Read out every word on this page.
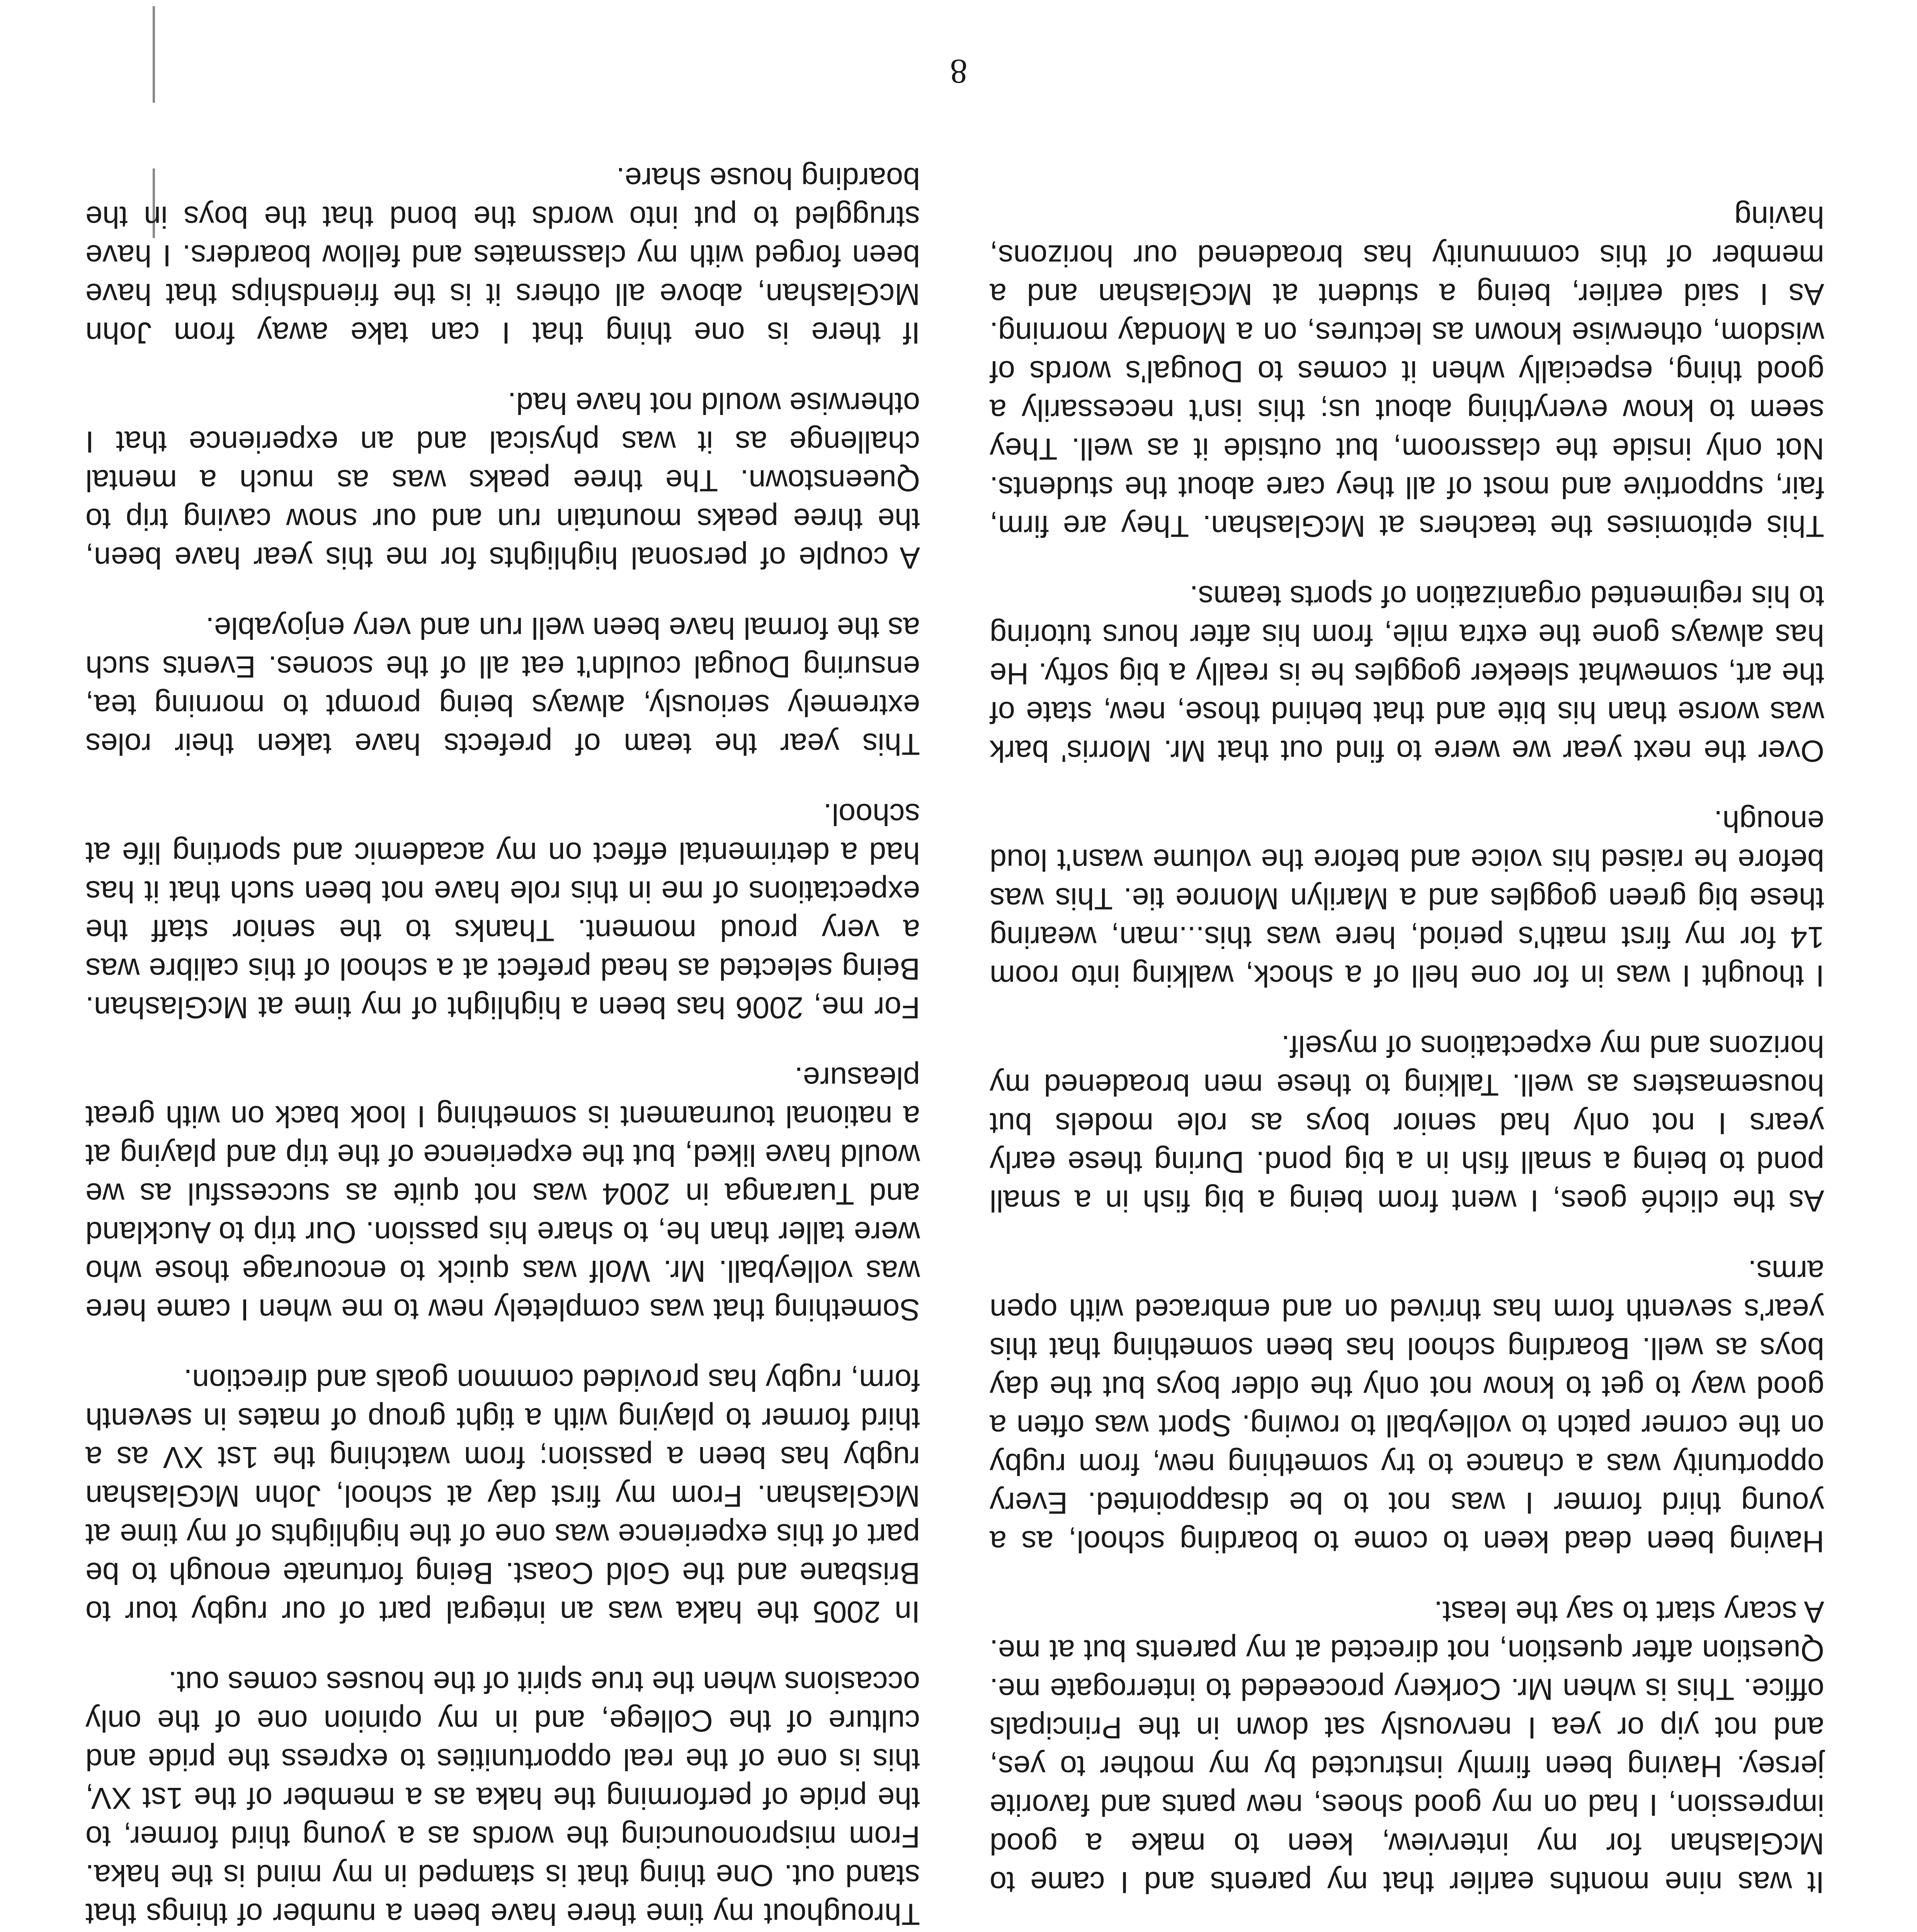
It was nine months earlier that my parents and I came to McGlashan for my interview, keen to make a good impression, I had on my good shoes, new pants and favorite jersey. Having been firmly instructed by my mother to yes, and not yip or yea I nervously sat down in the Principals office. This is when Mr. Corkery proceeded to interrogate me. Question after question, not directed at my parents but at me. A scary start to say the least.

Having been dead keen to come to boarding school, as a young third former I was not to be disappointed. Every opportunity was a chance to try something new, from rugby on the corner patch to volleyball to rowing. Sport was often a good way to get to know not only the older boys but the day boys as well. Boarding school has been something that this year's seventh form has thrived on and embraced with open arms.

As the cliché goes, I went from being a big fish in a small pond to being a small fish in a big pond. During these early years I not only had senior boys as role models but housemasters as well. Talking to these men broadened my horizons and my expectations of myself.

I thought I was in for one hell of a shock, walking into room 14 for my first math's period, here was this...man, wearing these big green goggles and a Marilyn Monroe tie. This was before he raised his voice and before the volume wasn't loud enough.

Over the next year we were to find out that Mr. Morris' bark was worse than his bite and that behind those, new, state of the art, somewhat sleeker goggles he is really a big softy. He has always gone the extra mile, from his after hours tutoring to his regimented organization of sports teams.

This epitomises the teachers at McGlashan. They are firm, fair, supportive and most of all they care about the students. Not only inside the classroom, but outside it as well. They seem to know everything about us; this isn't necessarily a good thing, especially when it comes to Dougal's words of wisdom, otherwise known as lectures, on a Monday morning. As I said earlier, being a student at McGlashan and a member of this community has broadened our horizons, having

Throughout my time there have been a number of things that stand out. One thing that is stamped in my mind is the haka. From mispronouncing the words as a young third former, to the pride of performing the haka as a member of the 1st XV, this is one of the real opportunities to express the pride and culture of the College, and in my opinion one of the only occasions when the true spirit of the houses comes out.

In 2005 the haka was an integral part of our rugby tour to Brisbane and the Gold Coast. Being fortunate enough to be part of this experience was one of the highlights of my time at McGlashan. From my first day at school, John McGlashan rugby has been a passion; from watching the 1st XV as a third former to playing with a tight group of mates in seventh form, rugby has provided common goals and direction.

Something that was completely new to me when I came here was volleyball. Mr. Wolf was quick to encourage those who were taller than he, to share his passion. Our trip to Auckland and Tuaranga in 2004 was not quite as successful as we would have liked, but the experience of the trip and playing at a national tournament is something I look back on with great pleasure.

For me, 2006 has been a highlight of my time at McGlashan. Being selected as head prefect at a school of this calibre was a very proud moment. Thanks to the senior staff the expectations of me in this role have not been such that it has had a detrimental effect on my academic and sporting life at school.

This year the team of prefects have taken their roles extremely seriously, always being prompt to morning tea, ensuring Dougal couldn't eat all of the scones. Events such as the formal have been well run and very enjoyable.

A couple of personal highlights for me this year have been, the three peaks mountain run and our snow caving trip to Queenstown. The three peaks was as much a mental challenge as it was physical and an experience that I otherwise would not have had.

If there is one thing that I can take away from John McGlashan, above all others it is the friendships that have been forged with my classmates and fellow boarders. I have struggled to put into words the bond that the boys in the boarding house share.

8
